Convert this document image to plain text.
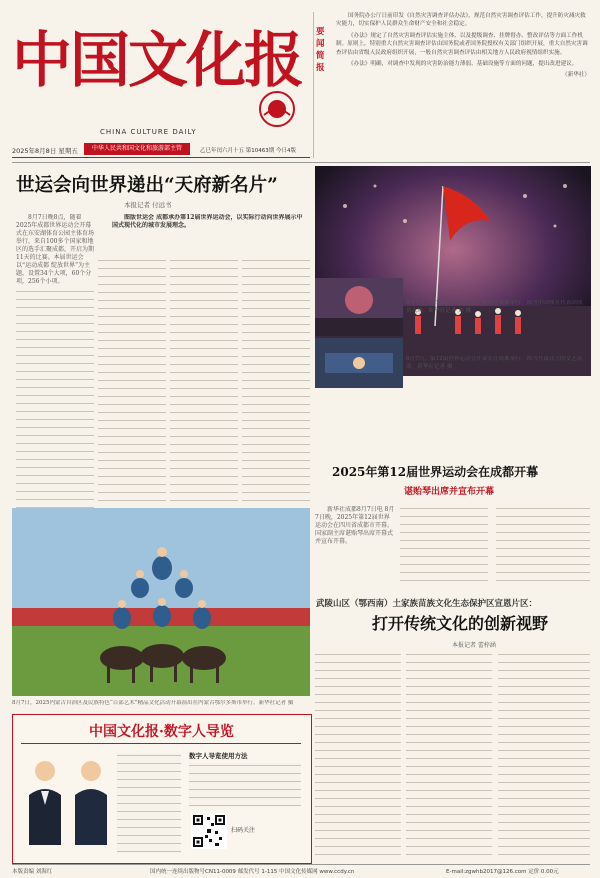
中国文化报
CHINA CULTURE DAILY
2025年8月8日 星期五	中华人民共和国文化和旅游部主管	乙巳年闰六月十五 第10463期 今日4版
要闻简报

国务院办公厅日前印发《自然灾害调查评估办法》，规范自然灾害调查评估工作，提升防灾减灾救灾能力，切实保护人民群众生命财产安全和社会稳定。

《办法》规定了自然灾害调查评估实施主体、以及提级调查、挂牌督办、整改评估等方面工作机制。原则上，特别重大自然灾害调查评估由国务院或者国务院授权有关部门组织开展，重大自然灾害调查评估由省级人民政府组织开展，一般自然灾害调查评估由相关地方人民政府视情组织实施。

《办法》明确，对调查中发现的灾害防治能力薄弱、基础设施等方面的问题，提出改进建议。

（新华社）

世运会向世界递出“天府新名片”
本报记者 付远书

8月7日晚8点，随着2025年成都世界运动会开幕式在东安湖体育公园主体育场举行，来自100多个国家和地区的选手汇聚成都，开启为期11天的比赛。本届世运会以“运动成都 绽放世界”为主题，设置34个大项，60个分项，256个小项。

图版世运会 成都承办第12届世界运动会，以实际行动向世界展示中国式现代化的城市发展理念。

8月7日，第12届世界运动会开幕式在成都举行。图为中国体育代表团成员入场。新华社记者 刘 摄
8月7日，第12届世界运动会开幕式在成都举行。图为开幕式上的文艺表演。新华社记者 摄
2025年第12届世界运动会在成都开幕
谌贻琴出席并宣布开幕

新华社成都8月7日电 8月7日晚，2025年第12届世界运动会在四川省成都市开幕。国家副主席谌贻琴出席开幕式并宣布开幕。

8月7日，2025内蒙古自治区及民族特色“百部艺术”精品文化活动开幕演出在内蒙古鄂尔多斯市举行。新华社记者 摄
武陵山区（鄂西南）土家族苗族文化生态保护区宣恩片区：
打开传统文化的创新视野
本报记者 蕾梓涵
中国文化报·数字人导览
数字人导览使用方法
扫码关注
本版责编 刘海红	国内统一连续出版物号CN11-0009 邮发代号 1-115 中国文化传媒网 www.ccdy.cn	E-mail:zgwhb2017@126.com 定价 0.00元
